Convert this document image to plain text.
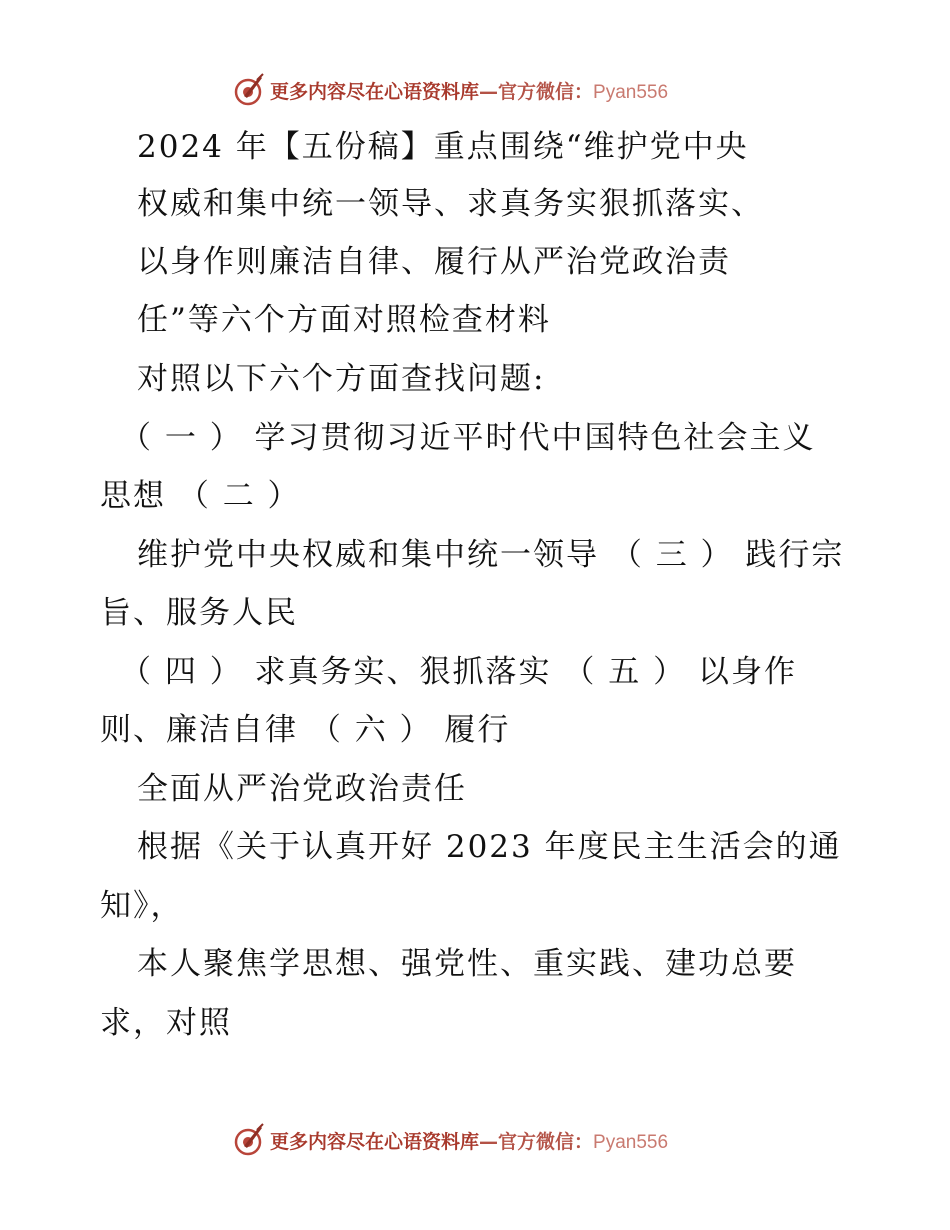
更多内容尽在心语资料库—官方微信：Pyan556

2024 年【五份稿】重点围绕“维护党中央

权威和集中统一领导、求真务实狠抓落实、

以身作则廉洁自律、履行从严治党政治责

任”等六个方面对照检查材料

对照以下六个方面查找问题:

（ 一 ） 学习贯彻习近平时代中国特色社会主义

思想 （ 二 ）

维护党中央权威和集中统一领导 （ 三 ） 践行宗

旨、服务人民

（ 四 ） 求真务实、狠抓落实 （ 五 ） 以身作

则、廉洁自律 （ 六 ） 履行

全面从严治党政治责任

根据《关于认真开好 2023 年度民主生活会的通

知》，

本人聚焦学思想、强党性、重实践、建功总要

求，对照

更多内容尽在心语资料库—官方微信：Pyan556
